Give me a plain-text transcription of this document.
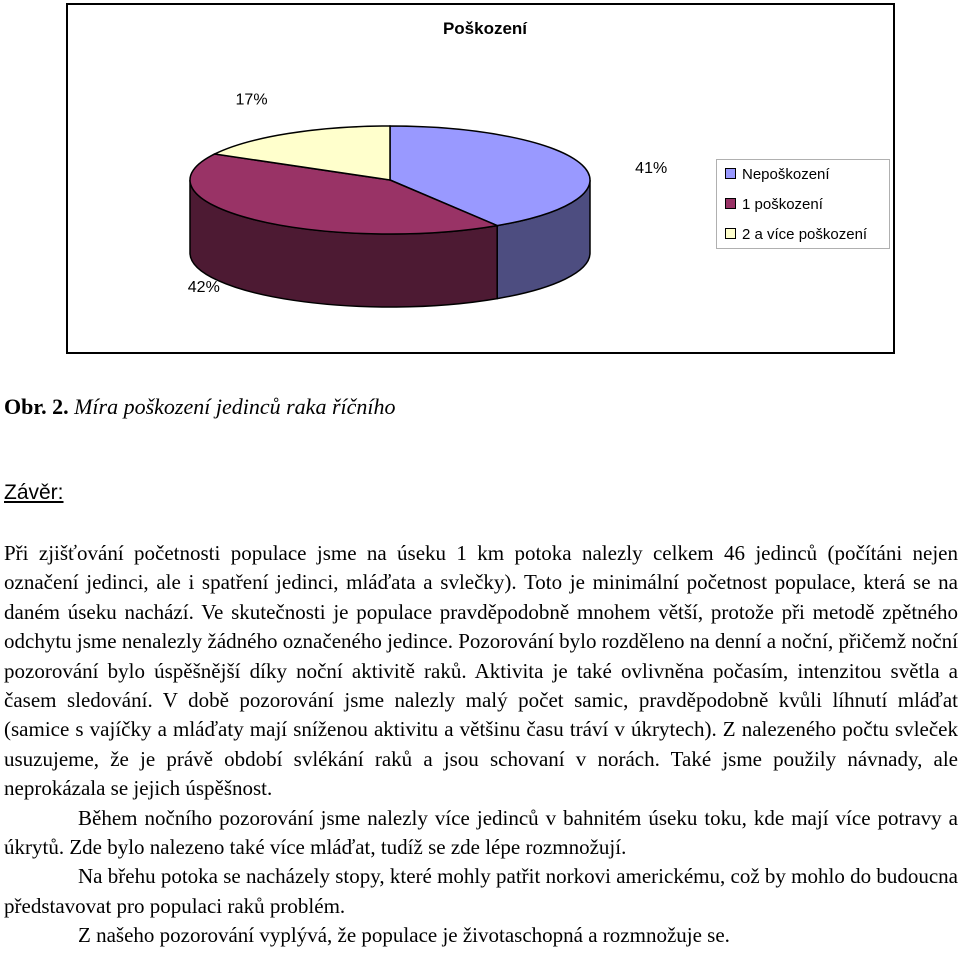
Poškození
41%
42%
17%
Nepoškození
1 poškození
2 a více poškození
Obr. 2. Míra poškození jedinců raka říčního
Závěr:

Při zjišťování početnosti populace jsme na úseku 1 km potoka nalezly celkem 46 jedinců (počítáni nejen označení jedinci, ale i spatření jedinci, mláďata a svlečky). Toto je minimální početnost populace, která se na daném úseku nachází. Ve skutečnosti je populace pravděpodobně mnohem větší, protože při metodě zpětného odchytu jsme nenalezly žádného označeného jedince. Pozorování bylo rozděleno na denní a noční, přičemž noční pozorování bylo úspěšnější díky noční aktivitě raků. Aktivita je také ovlivněna počasím, intenzitou světla a časem sledování. V době pozorování jsme nalezly malý počet samic, pravděpodobně kvůli líhnutí mláďat (samice s vajíčky a mláďaty mají sníženou aktivitu a většinu času tráví v úkrytech). Z nalezeného počtu svleček usuzujeme, že je právě období svlékání raků a jsou schovaní v norách. Také jsme použily návnady, ale neprokázala se jejich úspěšnost.

Během nočního pozorování jsme nalezly více jedinců v bahnitém úseku toku, kde mají více potravy a úkrytů. Zde bylo nalezeno také více mláďat, tudíž se zde lépe rozmnožují.

Na břehu potoka se nacházely stopy, které mohly patřit norkovi americkému, což by mohlo do budoucna představovat pro populaci raků problém.

Z našeho pozorování vyplývá, že populace je životaschopná a rozmnožuje se.
